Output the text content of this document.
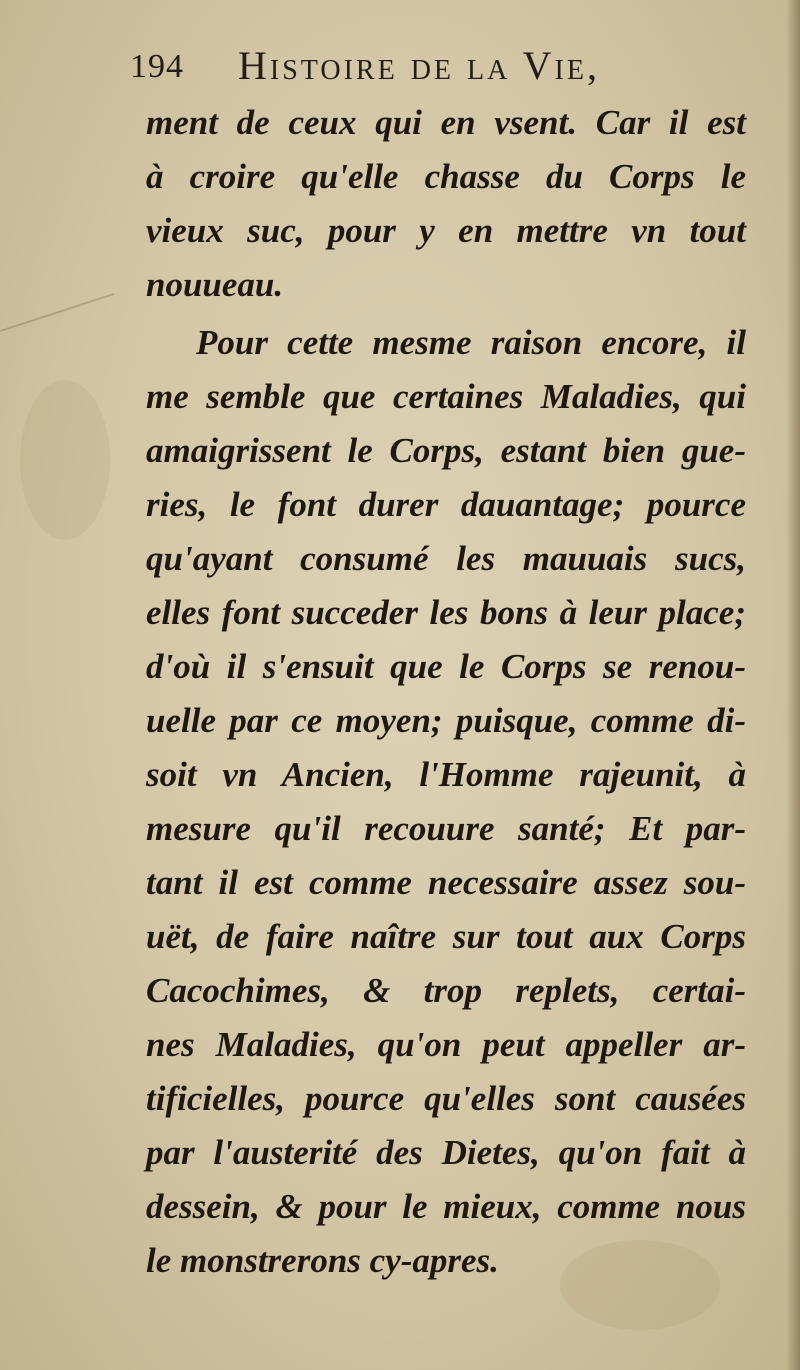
194 Histoire de la Vie,
ment de ceux qui en vsent. Car il est
à croire qu'elle chasse du Corps le
vieux suc, pour y en mettre vn tout
nouueau.
Pour cette mesme raison encore, il
me semble que certaines Maladies, qui
amaigrissent le Corps, estant bien gue-
ries, le font durer dauantage; pource
qu'ayant consumé les mauuais sucs,
elles font succeder les bons à leur place;
d'où il s'ensuit que le Corps se renou-
uelle par ce moyen; puisque, comme di-
soit vn Ancien, l'Homme rajeunit, à
mesure qu'il recouure santé; Et par-
tant il est comme necessaire assez sou-
uët, de faire naître sur tout aux Corps
Cacochimes, & trop replets, certai-
nes Maladies, qu'on peut appeller ar-
tificielles, pource qu'elles sont causées
par l'austerité des Dietes, qu'on fait à
dessein, & pour le mieux, comme nous
le monstrerons cy-apres.
